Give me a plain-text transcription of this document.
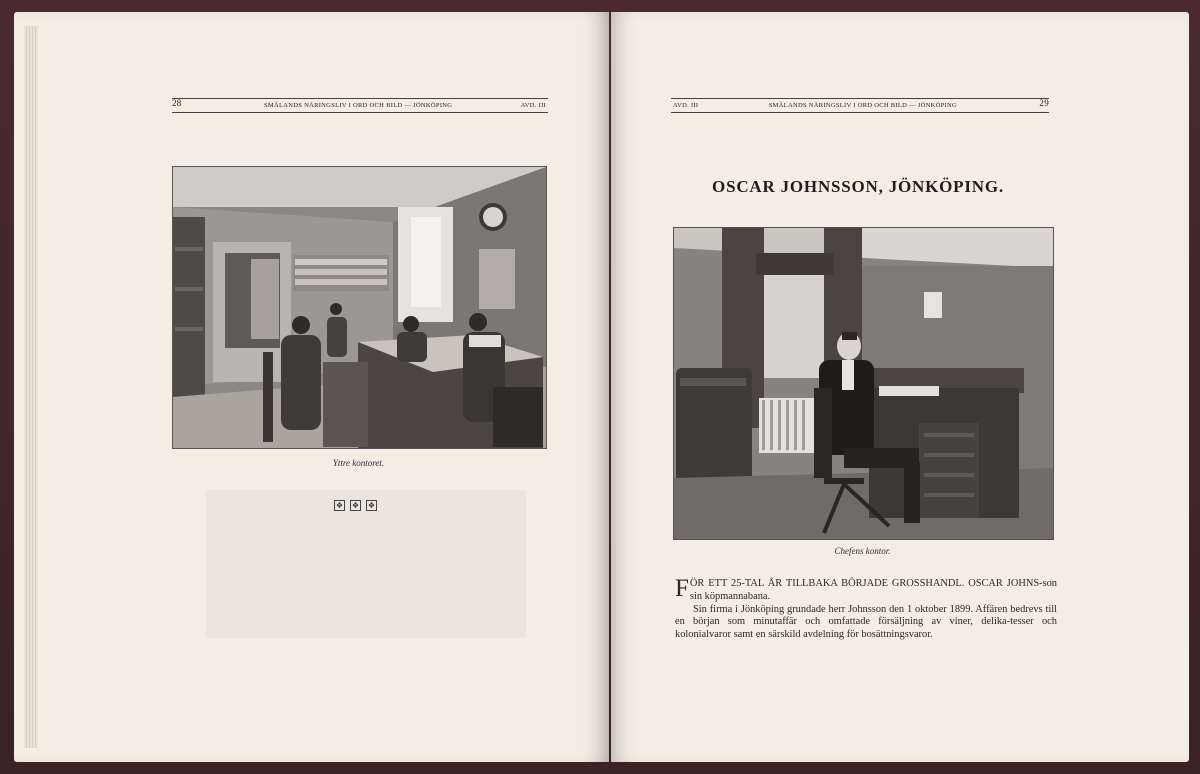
28	SMÅLANDS NÄRINGSLIV I ORD OCH BILD — JÖNKÖPING	AVD. III
Yttre kontoret.
❖ ❖ ❖
AVD. III	SMÅLANDS NÄRINGSLIV I ORD OCH BILD — JÖNKÖPING	29
OSCAR JOHNSSON, JÖNKÖPING.
Chefens kontor.

FÖR ETT 25-TAL ÅR TILLBAKA BÖRJADE GROSSHANDL. OSCAR JOHNS-son sin köpmannabana.

Sin firma i Jönköping grundade herr Johnsson den 1 oktober 1899. Affären bedrevs till en början som minutaffär och omfattade försäljning av viner, delika-tesser och kolonialvaror samt en särskild avdelning för bosättningsvaror.
